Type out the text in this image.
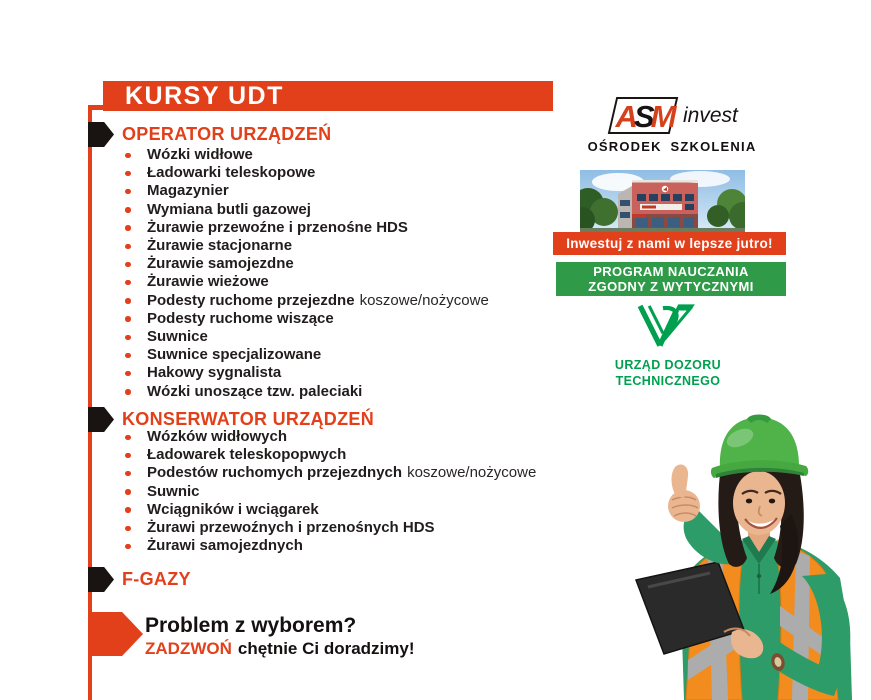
KURSY UDT
OPERATOR URZĄDZEŃ
Wózki widłowe
Ładowarki teleskopowe
Magazynier
Wymiana butli gazowej
Żurawie przewoźne i przenośne HDS
Żurawie stacjonarne
Żurawie samojezdne
Żurawie wieżowe
Podesty ruchome przejezdne koszowe/nożycowe
Podesty ruchome wiszące
Suwnice
Suwnice specjalizowane
Hakowy sygnalista
Wózki unoszące tzw. paleciaki
KONSERWATOR URZĄDZEŃ
Wózków widłowych
Ładowarek teleskopopwych
Podestów ruchomych przejezdnych koszowe/nożycowe
Suwnic
Wciągników i wciągarek
Żurawi przewoźnych i przenośnych HDS
Żurawi samojezdnych
F-GAZY
Problem z wyborem?
ZADZWOŃ chętnie Ci doradzimy!
A S M invest
OŚRODEK SZKOLENIA
Inwestuj z nami w lepsze jutro!
PROGRAM NAUCZANIA
ZGODNY Z WYTYCZNYMI
URZĄD DOZORU
TECHNICZNEGO
